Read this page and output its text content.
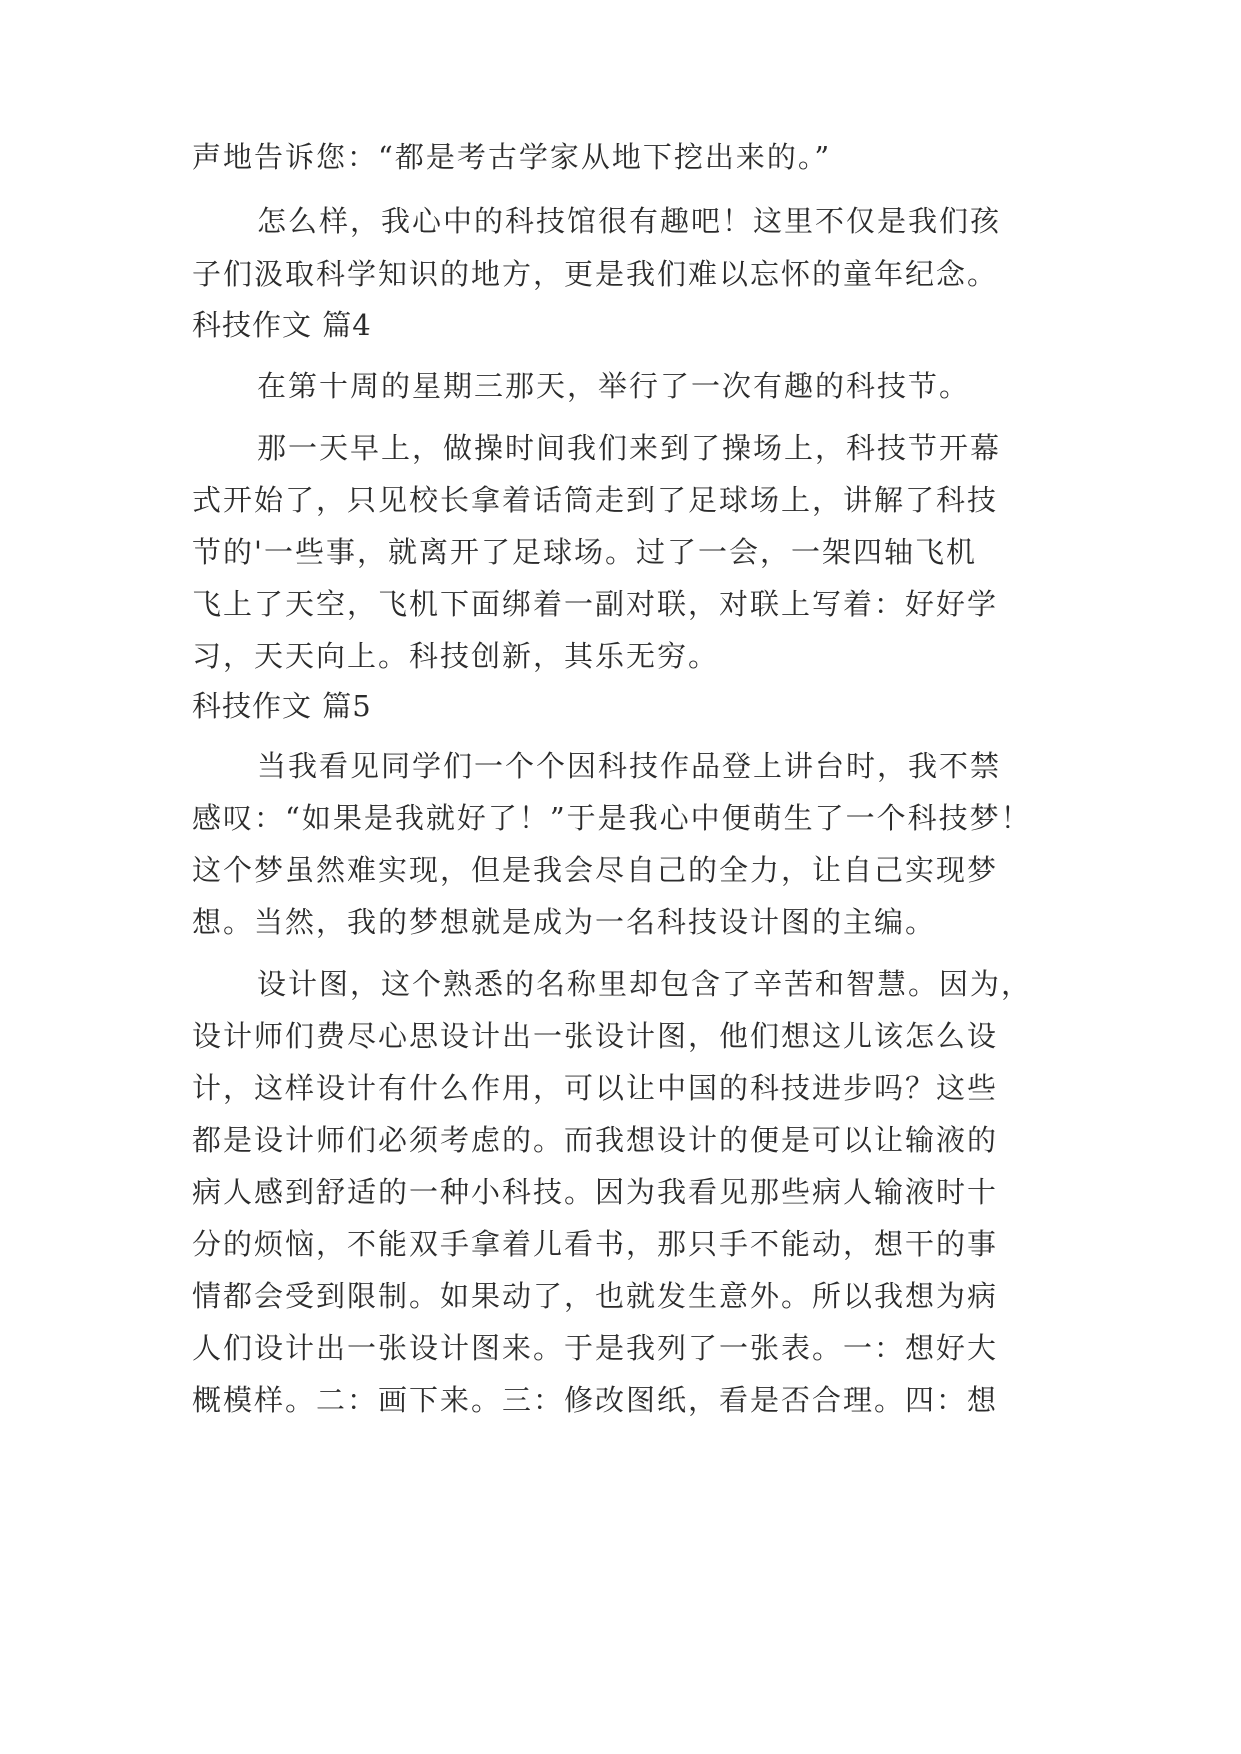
声地告诉您：“都是考古学家从地下挖出来的。”
怎么样，我心中的科技馆很有趣吧！这里不仅是我们孩
子们汲取科学知识的地方，更是我们难以忘怀的童年纪念。
科技作文 篇4
在第十周的星期三那天，举行了一次有趣的科技节。
那一天早上，做操时间我们来到了操场上，科技节开幕
式开始了，只见校长拿着话筒走到了足球场上，讲解了科技
节的'一些事，就离开了足球场。过了一会，一架四轴飞机
飞上了天空，飞机下面绑着一副对联，对联上写着：好好学
习，天天向上。科技创新，其乐无穷。
科技作文 篇5
当我看见同学们一个个因科技作品登上讲台时，我不禁
感叹：“如果是我就好了！”于是我心中便萌生了一个科技梦！
这个梦虽然难实现，但是我会尽自己的全力，让自己实现梦
想。当然，我的梦想就是成为一名科技设计图的主编。
设计图，这个熟悉的名称里却包含了辛苦和智慧。因为，
设计师们费尽心思设计出一张设计图，他们想这儿该怎么设
计，这样设计有什么作用，可以让中国的科技进步吗？这些
都是设计师们必须考虑的。而我想设计的便是可以让输液的
病人感到舒适的一种小科技。因为我看见那些病人输液时十
分的烦恼，不能双手拿着儿看书，那只手不能动，想干的事
情都会受到限制。如果动了，也就发生意外。所以我想为病
人们设计出一张设计图来。于是我列了一张表。一：想好大
概模样。二：画下来。三：修改图纸，看是否合理。四：想
